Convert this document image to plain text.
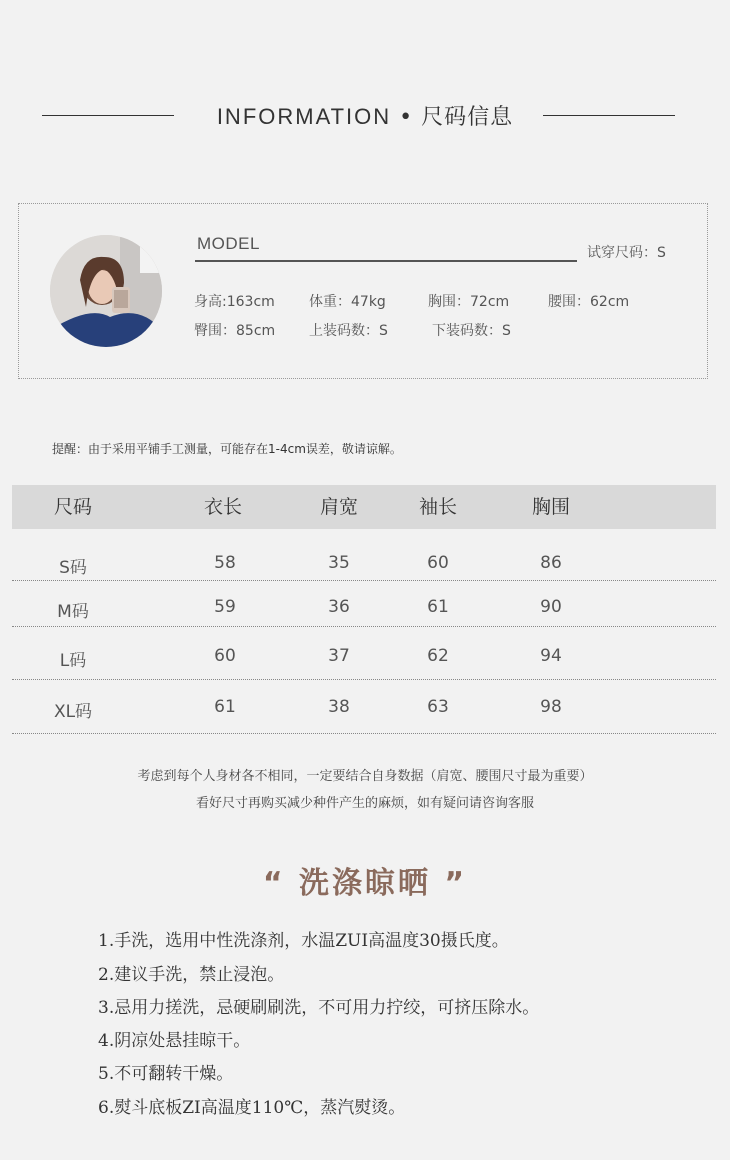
INFORMATION • 尺码信息
MODEL	试穿尺码：S
身高:163cm 体重：47kg	胸围：72cm	腰围：62cm
臀围：85cm 上装码数：S	下装码数：S
提醒：由于采用平铺手工测量，可能存在1-4cm误差，敬请谅解。
尺码	衣长	肩宽	袖长	胸围
S码	58	35	60	86
M码	59	36	61	90
L码	60	37	62	94
XL码	61	38	63	98
考虑到每个人身材各不相同，一定要结合自身数据（肩宽、腰围尺寸最为重要）
看好尺寸再购买减少种件产生的麻烦，如有疑问请咨询客服
“ 洗涤晾晒 ”
1.手洗，选用中性洗涤剂，水温ZUI高温度30摄氏度。
2.建议手洗，禁止浸泡。
3.忌用力搓洗，忌硬刷刷洗，不可用力拧绞，可挤压除水。
4.阴凉处悬挂晾干。
5.不可翻转干燥。
6.熨斗底板ZI高温度110℃，蒸汽熨烫。
